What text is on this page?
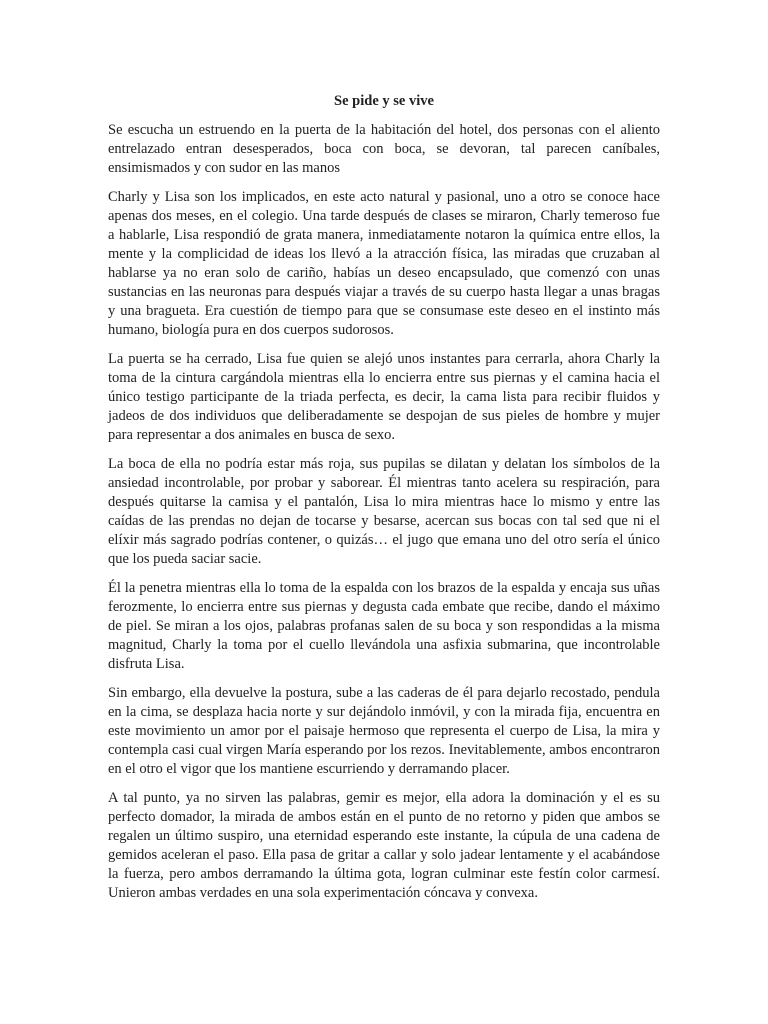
Se pide y se vive

Se escucha un estruendo en la puerta de la habitación del hotel, dos personas con el aliento entrelazado entran desesperados, boca con boca, se devoran, tal parecen caníbales, ensimismados y con sudor en las manos

Charly y Lisa son los implicados, en este acto natural y pasional, uno a otro se conoce hace apenas dos meses, en el colegio. Una tarde después de clases se miraron, Charly temeroso fue a hablarle, Lisa respondió de grata manera, inmediatamente notaron la química entre ellos, la mente y la complicidad de ideas los llevó a la atracción física, las miradas que cruzaban al hablarse ya no eran solo de cariño, habías un deseo encapsulado, que comenzó con unas sustancias en las neuronas para después viajar a través de su cuerpo hasta llegar a unas bragas y una bragueta. Era cuestión de tiempo para que se consumase este deseo en el instinto más humano, biología pura en dos cuerpos sudorosos.

La puerta se ha cerrado, Lisa fue quien se alejó unos instantes para cerrarla, ahora Charly la toma de la cintura cargándola mientras ella lo encierra entre sus piernas y el camina hacia el único testigo participante de la triada perfecta, es decir, la cama lista para recibir fluidos y jadeos de dos individuos que deliberadamente se despojan de sus pieles de hombre y mujer para representar a dos animales en busca de sexo.

La boca de ella no podría estar más roja, sus pupilas se dilatan y delatan los símbolos de la ansiedad incontrolable, por probar y saborear. Él mientras tanto acelera su respiración, para después quitarse la camisa y el pantalón, Lisa lo mira mientras hace lo mismo y entre las caídas de las prendas no dejan de tocarse y besarse, acercan sus bocas con tal sed que ni el elíxir más sagrado podrías contener, o quizás… el jugo que emana uno del otro sería el único que los pueda saciar sacie.

Él la penetra mientras ella lo toma de la espalda con los brazos de la espalda y encaja sus uñas ferozmente, lo encierra entre sus piernas y degusta cada embate que recibe, dando el máximo de piel. Se miran a los ojos, palabras profanas salen de su boca y son respondidas a la misma magnitud, Charly la toma por el cuello llevándola una asfixia submarina, que incontrolable disfruta Lisa.

Sin embargo, ella devuelve la postura, sube a las caderas de él para dejarlo recostado, pendula en la cima, se desplaza hacia norte y sur dejándolo inmóvil, y con la mirada fija, encuentra en este movimiento un amor por el paisaje hermoso que representa el cuerpo de Lisa, la mira y contempla casi cual virgen María esperando por los rezos. Inevitablemente, ambos encontraron en el otro el vigor que los mantiene escurriendo y derramando placer.

A tal punto, ya no sirven las palabras, gemir es mejor, ella adora la dominación y el es su perfecto domador, la mirada de ambos están en el punto de no retorno y piden que ambos se regalen un último suspiro, una eternidad esperando este instante, la cúpula de una cadena de gemidos aceleran el paso. Ella pasa de gritar a callar y solo jadear lentamente y el acabándose la fuerza, pero ambos derramando la última gota, logran culminar este festín color carmesí. Unieron ambas verdades en una sola experimentación cóncava y convexa.
